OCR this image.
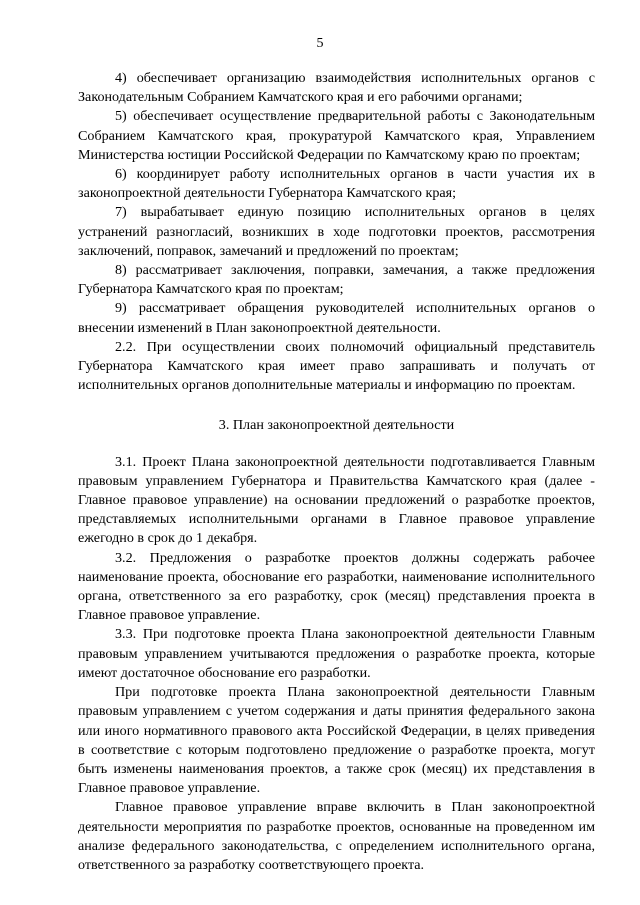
5

4) обеспечивает организацию взаимодействия исполнительных органов с Законодательным Собранием Камчатского края и его рабочими органами;

5) обеспечивает осуществление предварительной работы с Законодательным Собранием Камчатского края, прокуратурой Камчатского края, Управлением Министерства юстиции Российской Федерации по Камчатскому краю по проектам;

6) координирует работу исполнительных органов в части участия их в законопроектной деятельности Губернатора Камчатского края;

7) вырабатывает единую позицию исполнительных органов в целях устранений разногласий, возникших в ходе подготовки проектов, рассмотрения заключений, поправок, замечаний и предложений по проектам;

8) рассматривает заключения, поправки, замечания, а также предложения Губернатора Камчатского края по проектам;

9) рассматривает обращения руководителей исполнительных органов о внесении изменений в План законопроектной деятельности.

2.2. При осуществлении своих полномочий официальный представитель Губернатора Камчатского края имеет право запрашивать и получать от исполнительных органов дополнительные материалы и информацию по проектам.

3. План законопроектной деятельности

3.1. Проект Плана законопроектной деятельности подготавливается Главным правовым управлением Губернатора и Правительства Камчатского края (далее - Главное правовое управление) на основании предложений о разработке проектов, представляемых исполнительными органами в Главное правовое управление ежегодно в срок до 1 декабря.

3.2. Предложения о разработке проектов должны содержать рабочее наименование проекта, обоснование его разработки, наименование исполнительного органа, ответственного за его разработку, срок (месяц) представления проекта в Главное правовое управление.

3.3. При подготовке проекта Плана законопроектной деятельности Главным правовым управлением учитываются предложения о разработке проекта, которые имеют достаточное обоснование его разработки.

При подготовке проекта Плана законопроектной деятельности Главным правовым управлением с учетом содержания и даты принятия федерального закона или иного нормативного правового акта Российской Федерации, в целях приведения в соответствие с которым подготовлено предложение о разработке проекта, могут быть изменены наименования проектов, а также срок (месяц) их представления в Главное правовое управление.

Главное правовое управление вправе включить в План законопроектной деятельности мероприятия по разработке проектов, основанные на проведенном им анализе федерального законодательства, с определением исполнительного органа, ответственного за разработку соответствующего проекта.
